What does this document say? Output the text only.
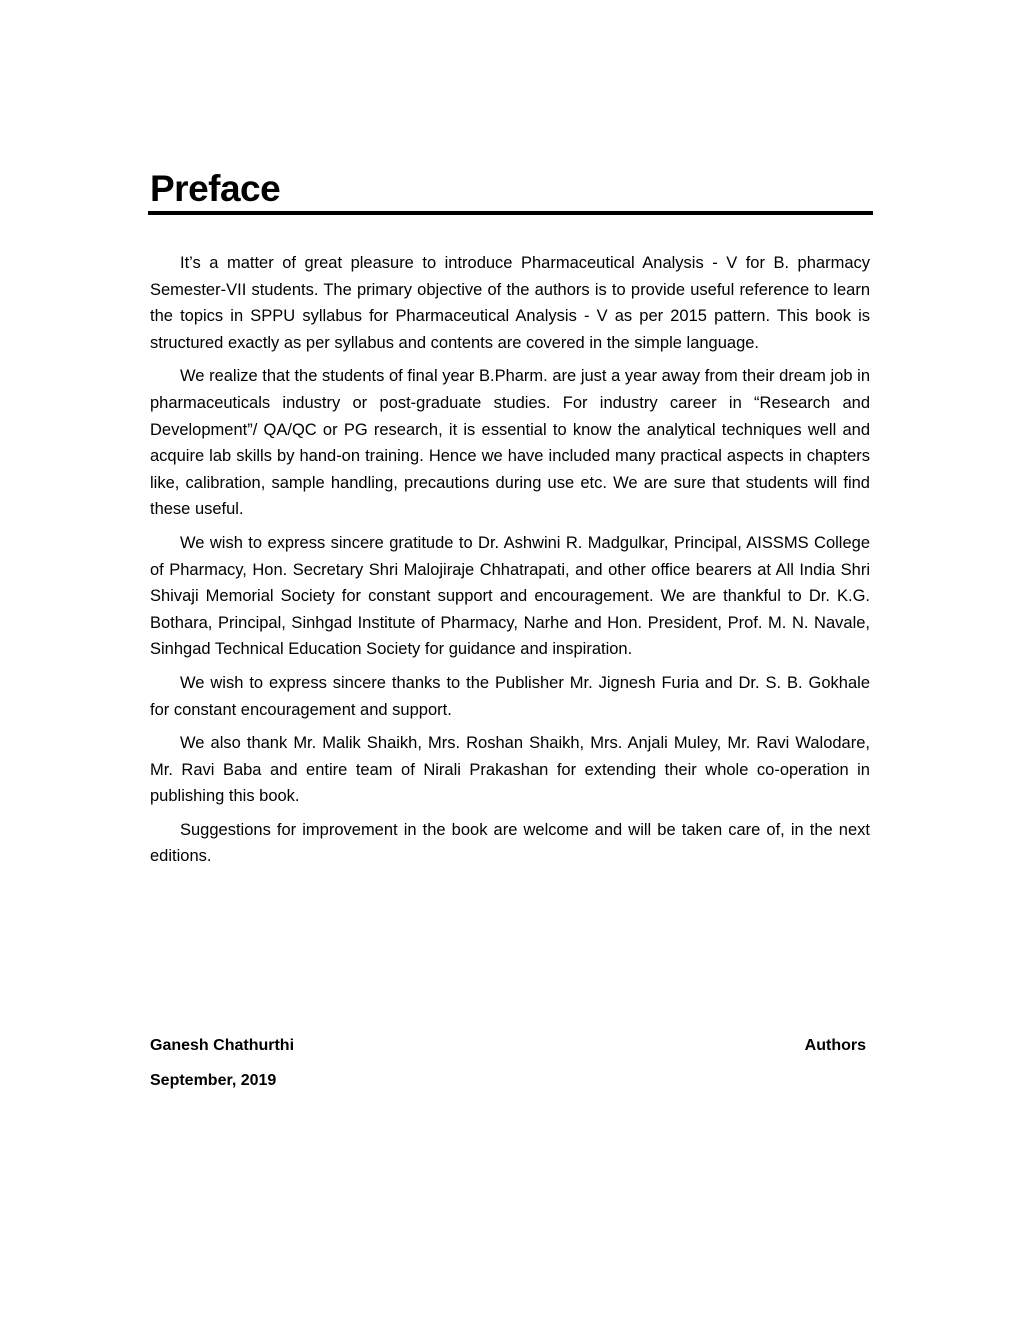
Preface

It’s a matter of great pleasure to introduce Pharmaceutical Analysis - V for B. pharmacy Semester-VII students. The primary objective of the authors is to provide useful reference to learn the topics in SPPU syllabus for Pharmaceutical Analysis - V as per 2015 pattern. This book is structured exactly as per syllabus and contents are covered in the simple language.

We realize that the students of final year B.Pharm. are just a year away from their dream job in pharmaceuticals industry or post-graduate studies. For industry career in “Research and Development”/ QA/QC or PG research, it is essential to know the analytical techniques well and acquire lab skills by hand-on training. Hence we have included many practical aspects in chapters like, calibration, sample handling, precautions during use etc. We are sure that students will find these useful.

We wish to express sincere gratitude to Dr. Ashwini R. Madgulkar, Principal, AISSMS College of Pharmacy, Hon. Secretary Shri Malojiraje Chhatrapati, and other office bearers at All India Shri Shivaji Memorial Society for constant support and encouragement. We are thankful to Dr. K.G. Bothara, Principal, Sinhgad Institute of Pharmacy, Narhe and Hon. President, Prof. M. N. Navale, Sinhgad Technical Education Society for guidance and inspiration.

We wish to express sincere thanks to the Publisher Mr. Jignesh Furia and Dr. S. B. Gokhale for constant encouragement and support.

We also thank Mr. Malik Shaikh, Mrs. Roshan Shaikh, Mrs. Anjali Muley, Mr. Ravi Walodare, Mr. Ravi Baba and entire team of Nirali Prakashan for extending their whole co-operation in publishing this book.

Suggestions for improvement in the book are welcome and will be taken care of, in the next editions.

Ganesh Chathurthi	Authors
September, 2019
